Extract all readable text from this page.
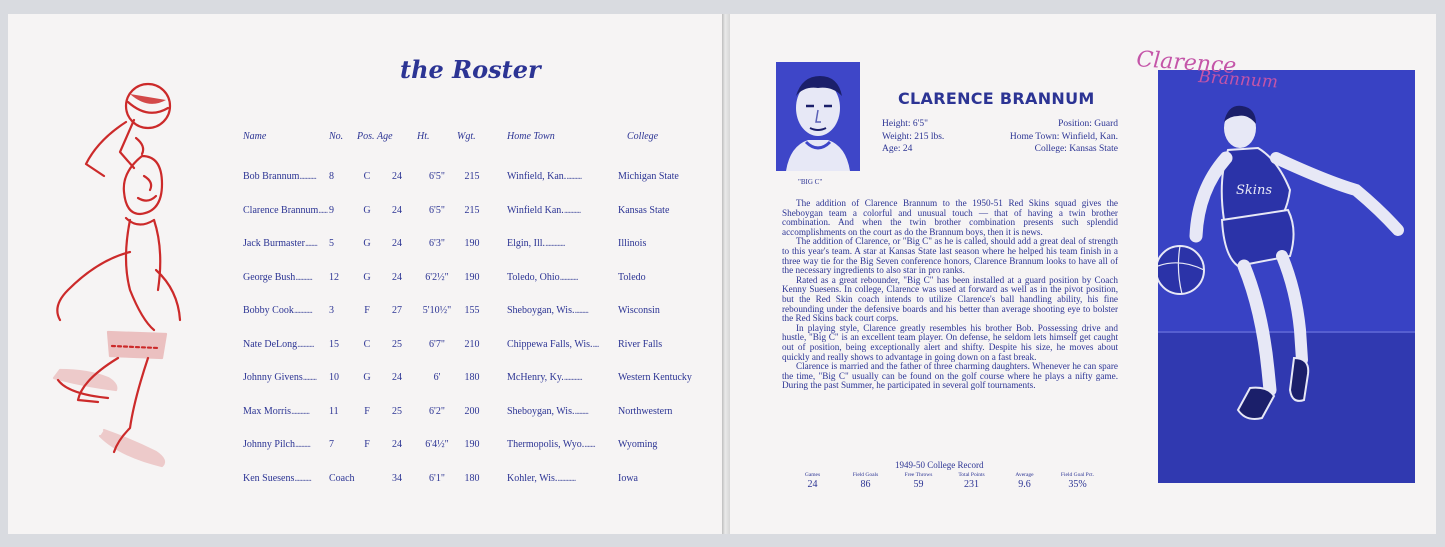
the Roster
Name	No.	Pos.	Age	Ht.	Wgt.	Home Town	College
Bob Brannum...........	8	C	24	6'5"	215	Winfield, Kan...........	Michigan State
Clarence Brannum......	9	G	24	6'5"	215	Winfield Kan............	Kansas State
Jack Burmaster........	5	G	24	6'3"	190	Elgin, Ill..............	Illinois
George Bush...........	12	G	24	6'2½"	190	Toledo, Ohio............	Toledo
Bobby Cook............	3	F	27	5'10½"	155	Sheboygan, Wis..........	Wisconsin
Nate DeLong...........	15	C	25	6'7"	210	Chippewa Falls, Wis.....	River Falls
Johnny Givens.........	10	G	24	6'	180	McHenry, Ky.............	Western Kentucky
Max Morris............	11	F	25	6'2"	200	Sheboygan, Wis..........	Northwestern
Johnny Pilch..........	7	F	24	6'4½"	190	Thermopolis, Wyo........	Wyoming
Ken Suesens...........	Coach		34	6'1"	180	Kohler, Wis.............	Iowa
"BIG C"
CLARENCE BRANNUM
Height: 6'5"	Position: Guard
Weight: 215 lbs.	Home Town: Winfield, Kan.
Age: 24	College: Kansas State

The addition of Clarence Brannum to the 1950-51 Red Skins squad gives the Sheboygan team a colorful and unusual touch — that of having a twin brother combination. And when the twin brother combination presents such splendid accomplishments on the court as do the Brannum boys, then it is news.

The addition of Clarence, or "Big C" as he is called, should add a great deal of strength to this year's team. A star at Kansas State last season where he helped his team finish in a three way tie for the Big Seven conference honors, Clarence Brannum looks to have all of the necessary ingredients to also star in pro ranks.

Rated as a great rebounder, "Big C" has been installed at a guard position by Coach Kenny Suesens. In college, Clarence was used at forward as well as in the pivot position, but the Red Skin coach intends to utilize Clarence's ball handling ability, his fine rebounding under the defensive boards and his better than average shooting eye to bolster the Red Skins back court corps.

In playing style, Clarence greatly resembles his brother Bob. Possessing drive and hustle, "Big C" is an excellent team player. On defense, he seldom lets himself get caught out of position, being exceptionally alert and shifty. Despite his size, he moves about quickly and really shows to advantage in going down on a fast break.

Clarence is married and the father of three charming daughters. Whenever he can spare the time, "Big C" usually can be found on the golf course where he plays a nifty game. During the past Summer, he participated in several golf tournaments.

1949-50 College Record
Games	Field Goals	Free Throws	Total Points	Average	Field Goal Pct.
24	86	59	231	9.6	35%
Skins
Clarence
Brannum
